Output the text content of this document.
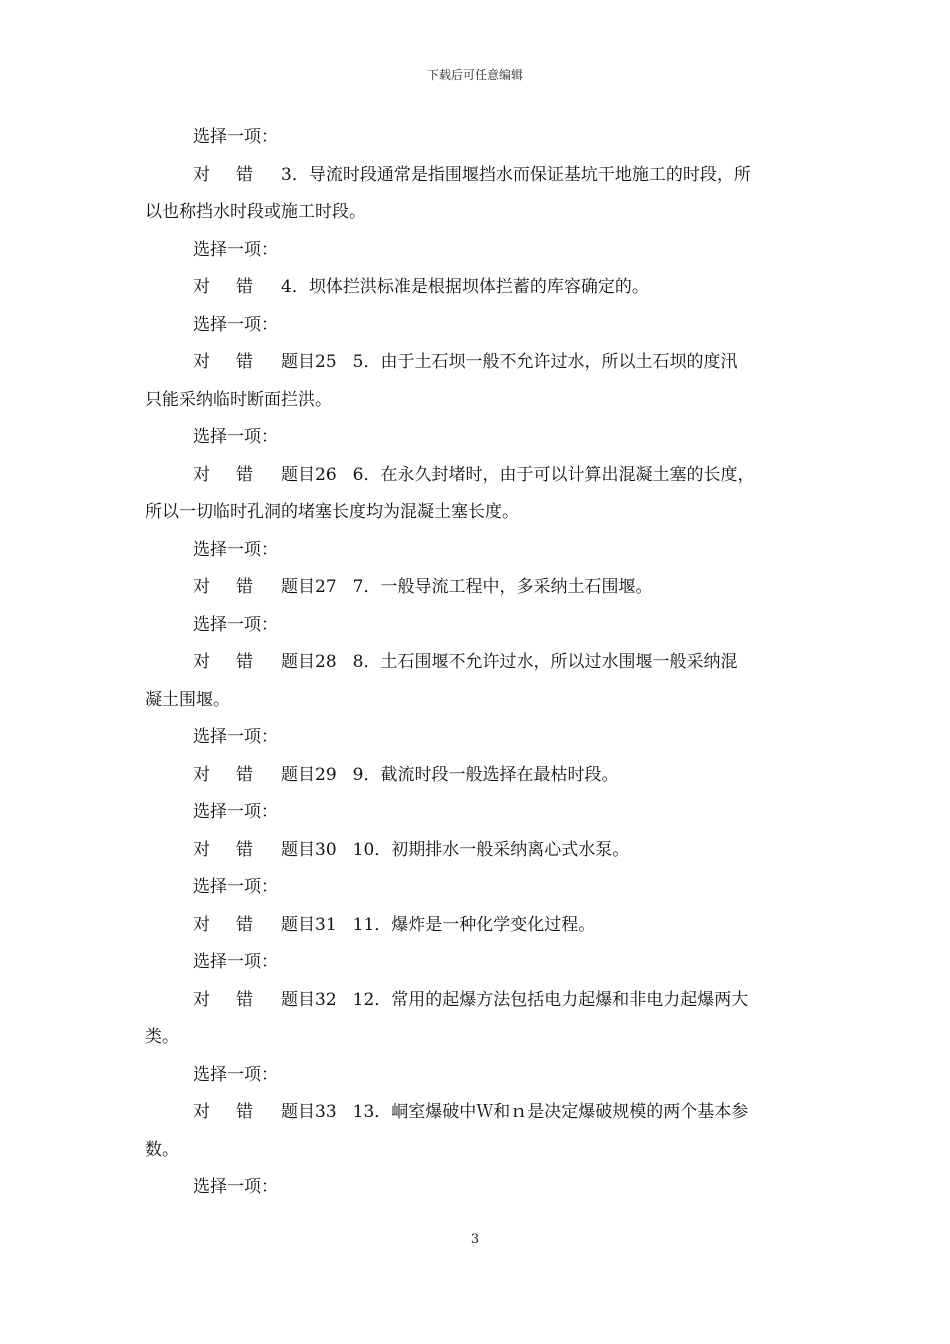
下载后可任意编辑
选择一项：
对 错 3．导流时段通常是指围堰挡水而保证基坑干地施工的时段，所
以也称挡水时段或施工时段。
选择一项：
对 错 4．坝体拦洪标准是根据坝体拦蓄的库容确定的。
选择一项：
对 错 题目25 5．由于土石坝一般不允许过水，所以土石坝的度汛
只能采纳临时断面拦洪。
选择一项：
对 错 题目26 6．在永久封堵时，由于可以计算出混凝土塞的长度，
所以一切临时孔洞的堵塞长度均为混凝土塞长度。
选择一项：
对 错 题目27 7．一般导流工程中，多采纳土石围堰。
选择一项：
对 错 题目28 8．土石围堰不允许过水，所以过水围堰一般采纳混
凝土围堰。
选择一项：
对 错 题目29 9．截流时段一般选择在最枯时段。
选择一项：
对 错 题目30 10．初期排水一般采纳离心式水泵。
选择一项：
对 错 题目31 11．爆炸是一种化学变化过程。
选择一项：
对 错 题目32 12．常用的起爆方法包括电力起爆和非电力起爆两大
类。
选择一项：
对 错 题目33 13．峒室爆破中Ｗ和ｎ是决定爆破规模的两个基本参
数。
选择一项：
3
